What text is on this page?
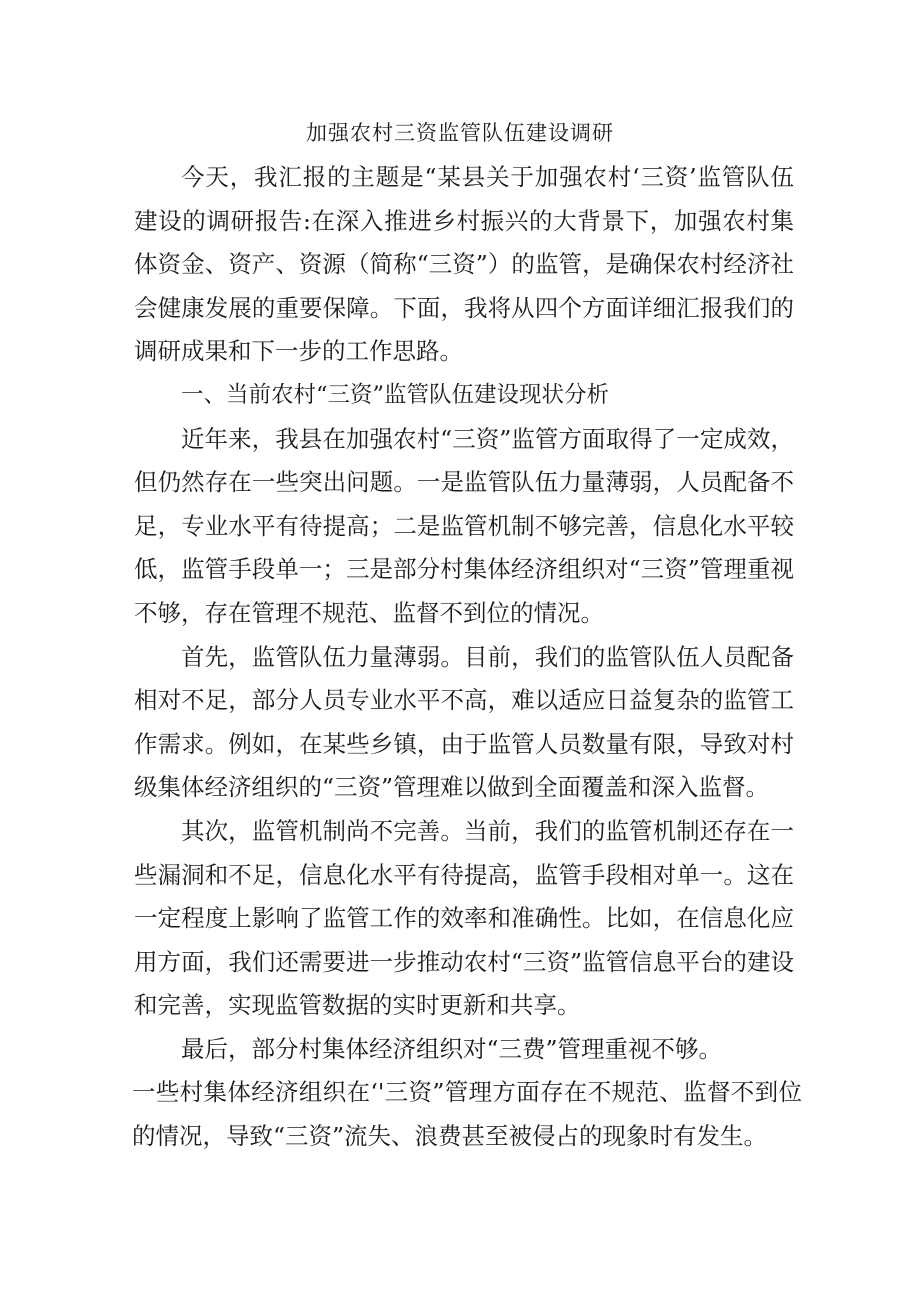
加强农村三资监管队伍建设调研

今天，我汇报的主题是“某县关于加强农村‘三资’监管队伍建设的调研报告:在深入推进乡村振兴的大背景下，加强农村集体资金、资产、资源（简称“三资”）的监管，是确保农村经济社会健康发展的重要保障。下面，我将从四个方面详细汇报我们的调研成果和下一步的工作思路。

一、当前农村“三资”监管队伍建设现状分析

近年来，我县在加强农村“三资”监管方面取得了一定成效，但仍然存在一些突出问题。一是监管队伍力量薄弱，人员配备不足，专业水平有待提高；二是监管机制不够完善，信息化水平较低，监管手段单一；三是部分村集体经济组织对“三资”管理重视不够，存在管理不规范、监督不到位的情况。

首先，监管队伍力量薄弱。目前，我们的监管队伍人员配备相对不足，部分人员专业水平不高，难以适应日益复杂的监管工作需求。例如，在某些乡镇，由于监管人员数量有限，导致对村级集体经济组织的“三资”管理难以做到全面覆盖和深入监督。

其次，监管机制尚不完善。当前，我们的监管机制还存在一些漏洞和不足，信息化水平有待提高，监管手段相对单一。这在一定程度上影响了监管工作的效率和准确性。比如，在信息化应用方面，我们还需要进一步推动农村“三资”监管信息平台的建设和完善，实现监管数据的实时更新和共享。

最后，部分村集体经济组织对“三费”管理重视不够。
一些村集体经济组织在‘'三资”管理方面存在不规范、监督不到位的情况，导致“三资”流失、浪费甚至被侵占的现象时有发生。
